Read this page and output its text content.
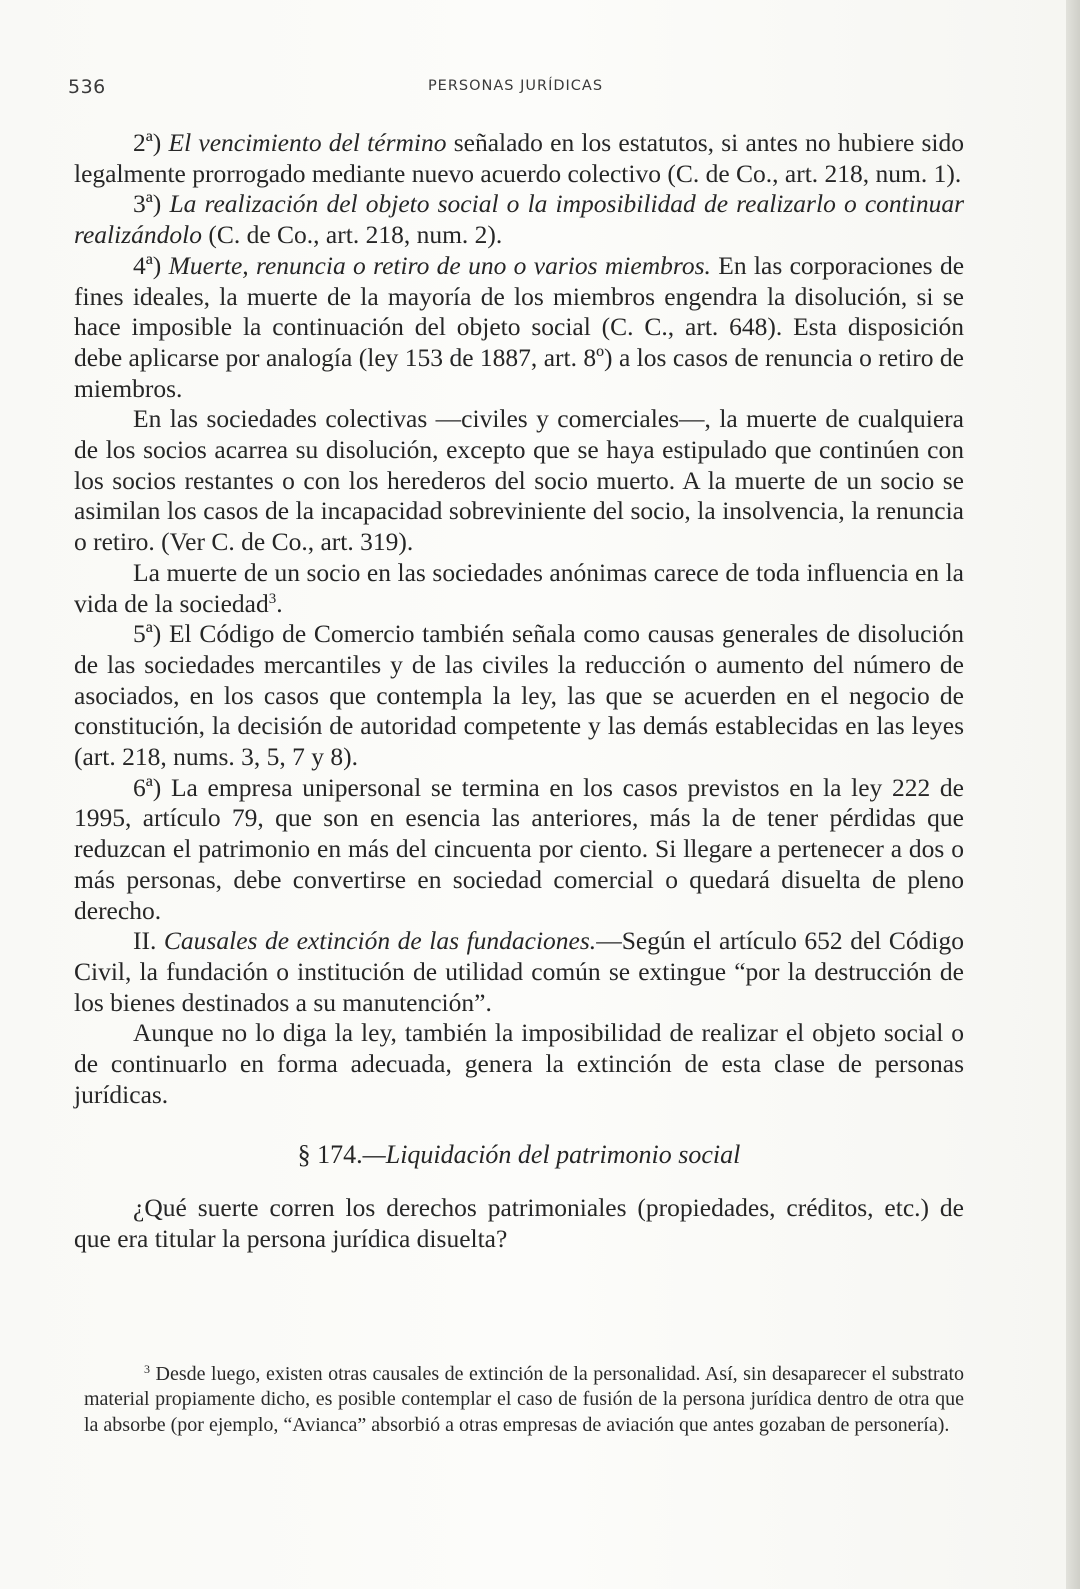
536	PERSONAS JURÍDICAS

2ª) El vencimiento del término señalado en los estatutos, si antes no hubiere sido legalmente prorrogado mediante nuevo acuerdo colectivo (C. de Co., art. 218, num. 1).

3ª) La realización del objeto social o la imposibilidad de realizarlo o continuar realizándolo (C. de Co., art. 218, num. 2).

4ª) Muerte, renuncia o retiro de uno o varios miembros. En las corporaciones de fines ideales, la muerte de la mayoría de los miembros engendra la disolución, si se hace imposible la continuación del objeto social (C. C., art. 648). Esta disposición debe aplicarse por analogía (ley 153 de 1887, art. 8º) a los casos de renuncia o retiro de miembros.

En las sociedades colectivas —civiles y comerciales—, la muerte de cualquiera de los socios acarrea su disolución, excepto que se haya estipulado que continúen con los socios restantes o con los herederos del socio muerto. A la muerte de un socio se asimilan los casos de la incapacidad sobreviniente del socio, la insolvencia, la renuncia o retiro. (Ver C. de Co., art. 319).

La muerte de un socio en las sociedades anónimas carece de toda influencia en la vida de la sociedad$^3$.

5ª) El Código de Comercio también señala como causas generales de disolución de las sociedades mercantiles y de las civiles la reducción o aumento del número de asociados, en los casos que contempla la ley, las que se acuerden en el negocio de constitución, la decisión de autoridad competente y las demás establecidas en las leyes (art. 218, nums. 3, 5, 7 y 8).

6ª) La empresa unipersonal se termina en los casos previstos en la ley 222 de 1995, artículo 79, que son en esencia las anteriores, más la de tener pérdidas que reduzcan el patrimonio en más del cincuenta por ciento. Si llegare a pertenecer a dos o más personas, debe convertirse en sociedad comercial o quedará disuelta de pleno derecho.

II. Causales de extinción de las fundaciones.—Según el artículo 652 del Código Civil, la fundación o institución de utilidad común se extingue “por la destrucción de los bienes destinados a su manutención”.

Aunque no lo diga la ley, también la imposibilidad de realizar el objeto social o de continuarlo en forma adecuada, genera la extinción de esta clase de personas jurídicas.

§ 174.—Liquidación del patrimonio social

¿Qué suerte corren los derechos patrimoniales (propiedades, créditos, etc.) de que era titular la persona jurídica disuelta?

$^3$ Desde luego, existen otras causales de extinción de la personalidad. Así, sin desaparecer el substrato material propiamente dicho, es posible contemplar el caso de fusión de la persona jurídica dentro de otra que la absorbe (por ejemplo, “Avianca” absorbió a otras empresas de aviación que antes gozaban de personería).
